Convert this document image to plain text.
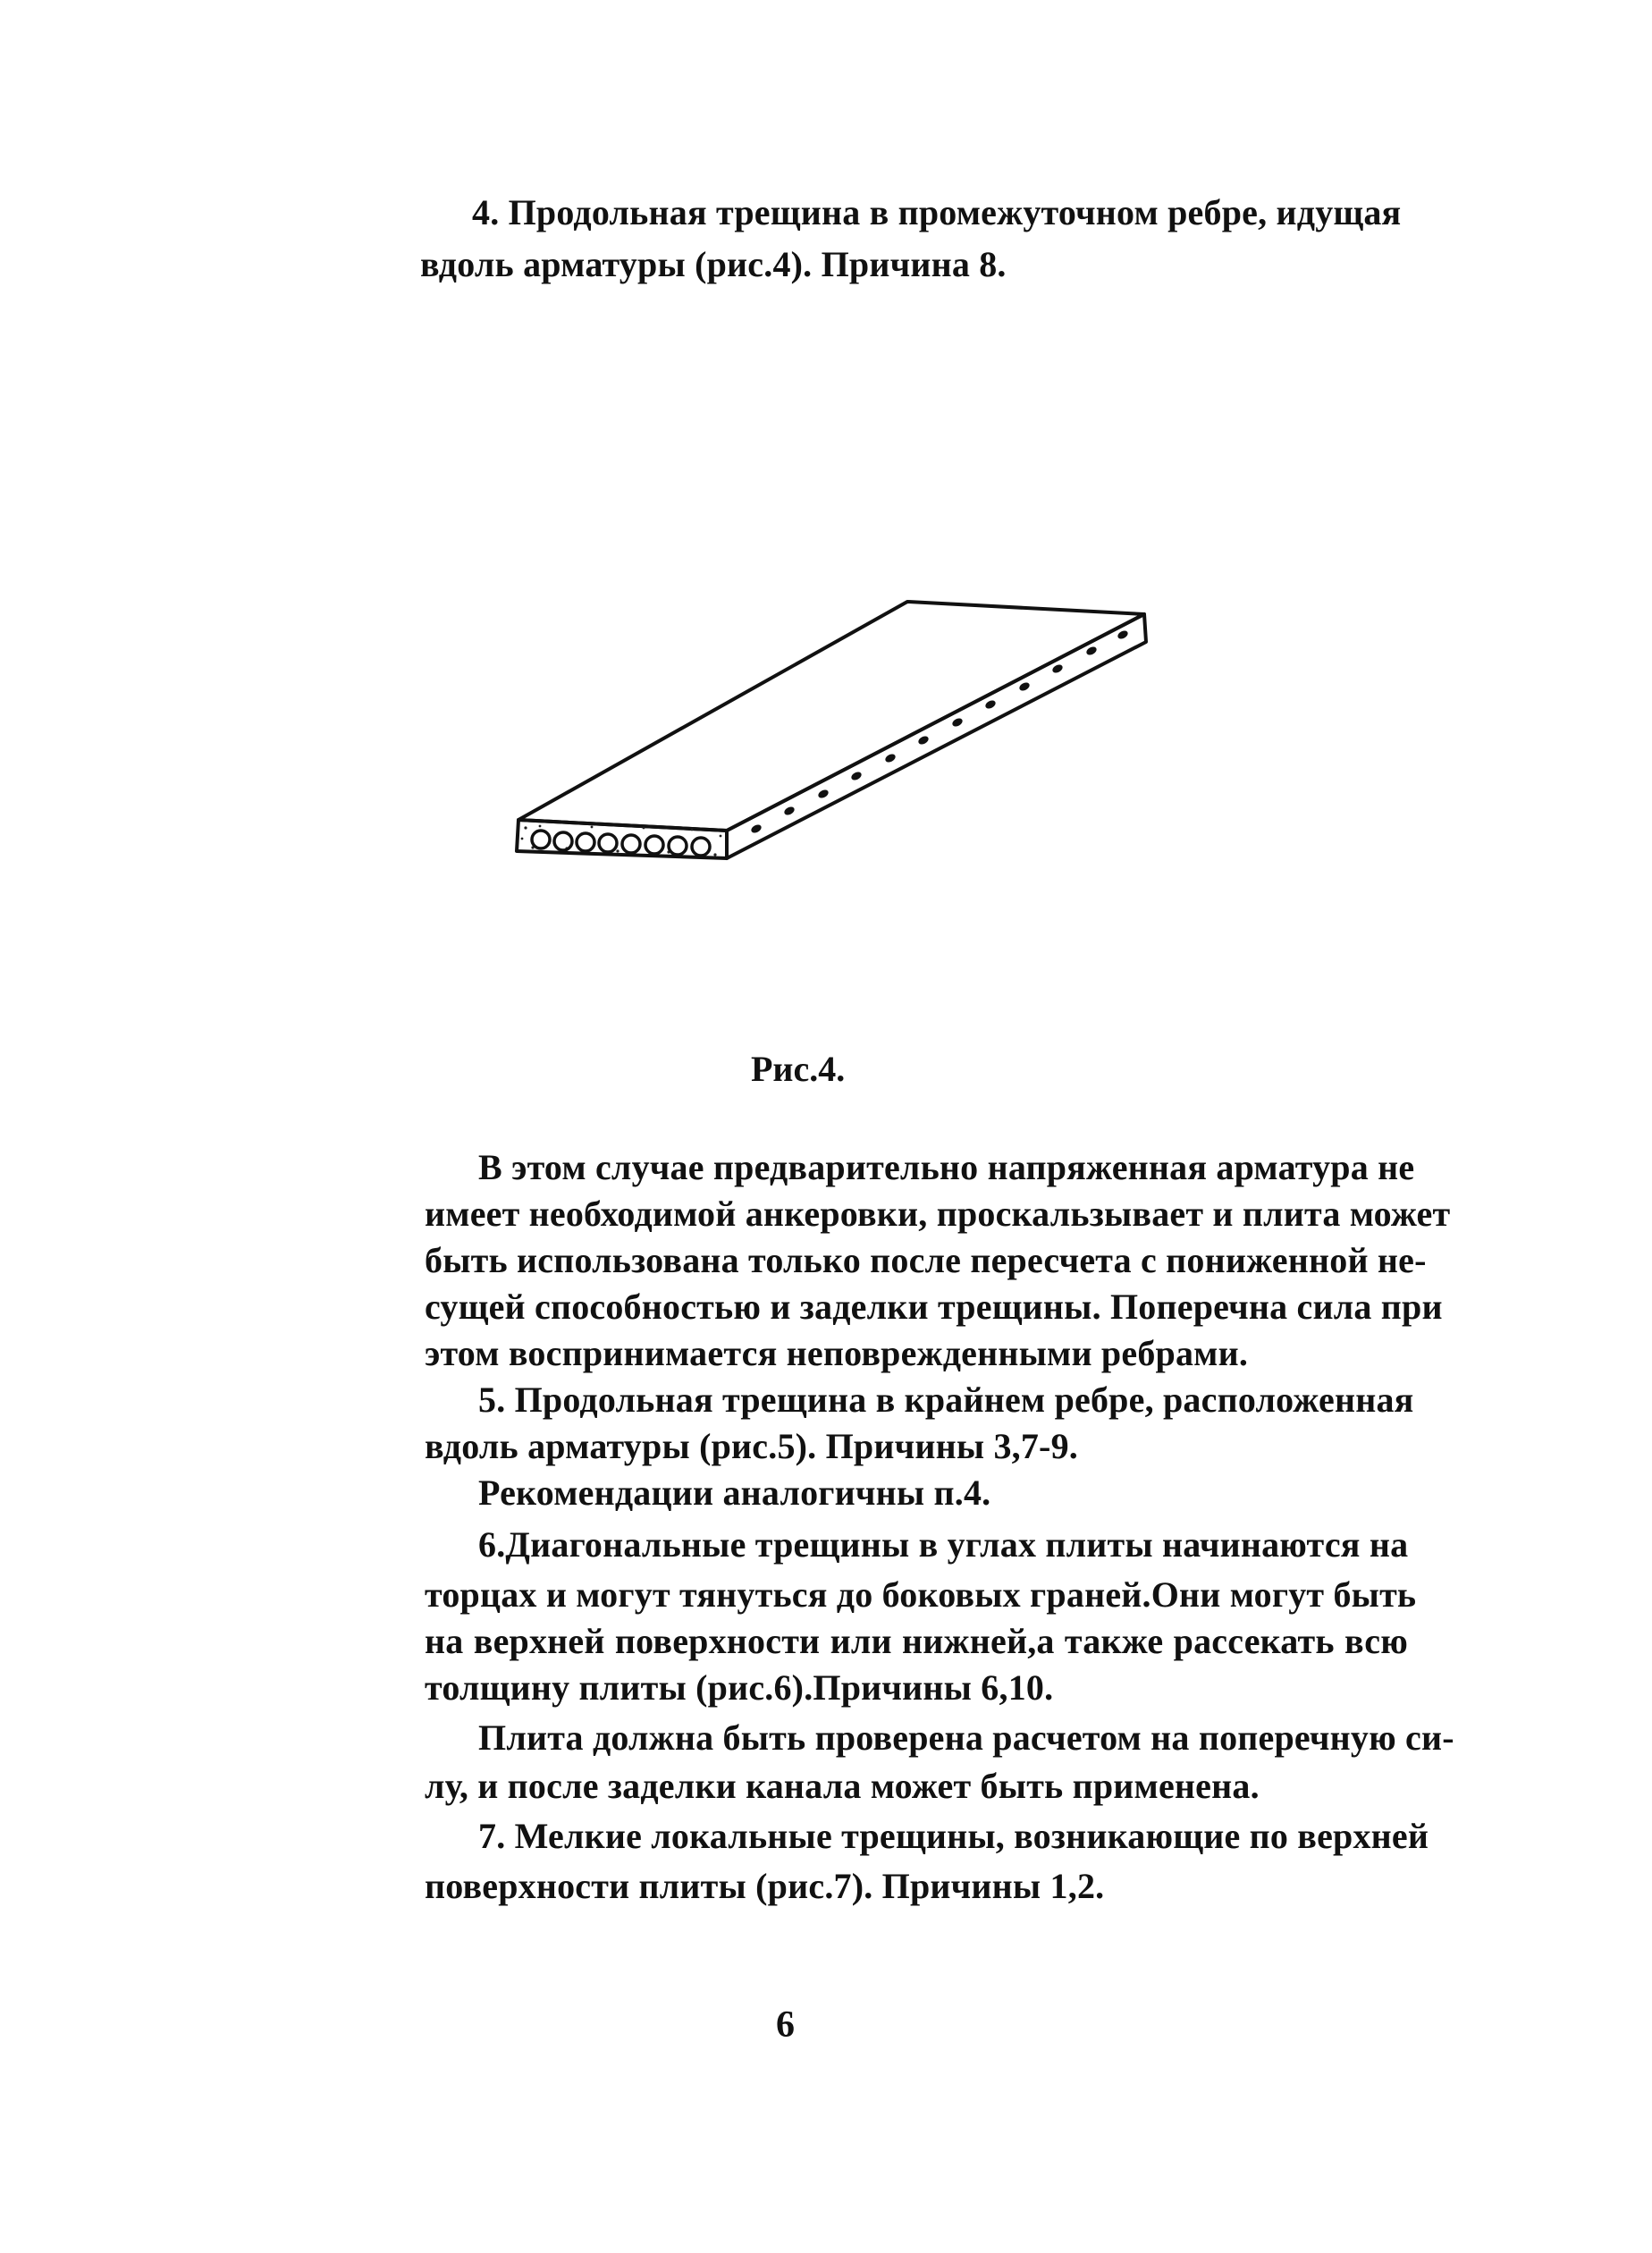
4. Продольная трещина в промежуточном ребре, идущая
вдоль арматуры (рис.4). Причина 8.
Рис.4.
В этом случае предварительно напряженная арматура не
имеет необходимой анкеровки, проскальзывает и плита может
быть использована только после пересчета с пониженной не-
сущей способностью и заделки трещины. Поперечна сила при
этом воспринимается неповрежденными ребрами.
5. Продольная трещина в крайнем ребре, расположенная
вдоль арматуры (рис.5). Причины 3,7-9.
Рекомендации аналогичны п.4.
6.Диагональные трещины в углах плиты начинаются на
торцах и могут тянуться до боковых граней.Они могут быть
на верхней поверхности или нижней,а также рассекать всю
толщину плиты (рис.6).Причины 6,10.
Плита должна быть проверена расчетом на поперечную си-
лу, и после заделки канала может быть применена.
7. Мелкие локальные трещины, возникающие по верхней
поверхности плиты (рис.7). Причины 1,2.
6
